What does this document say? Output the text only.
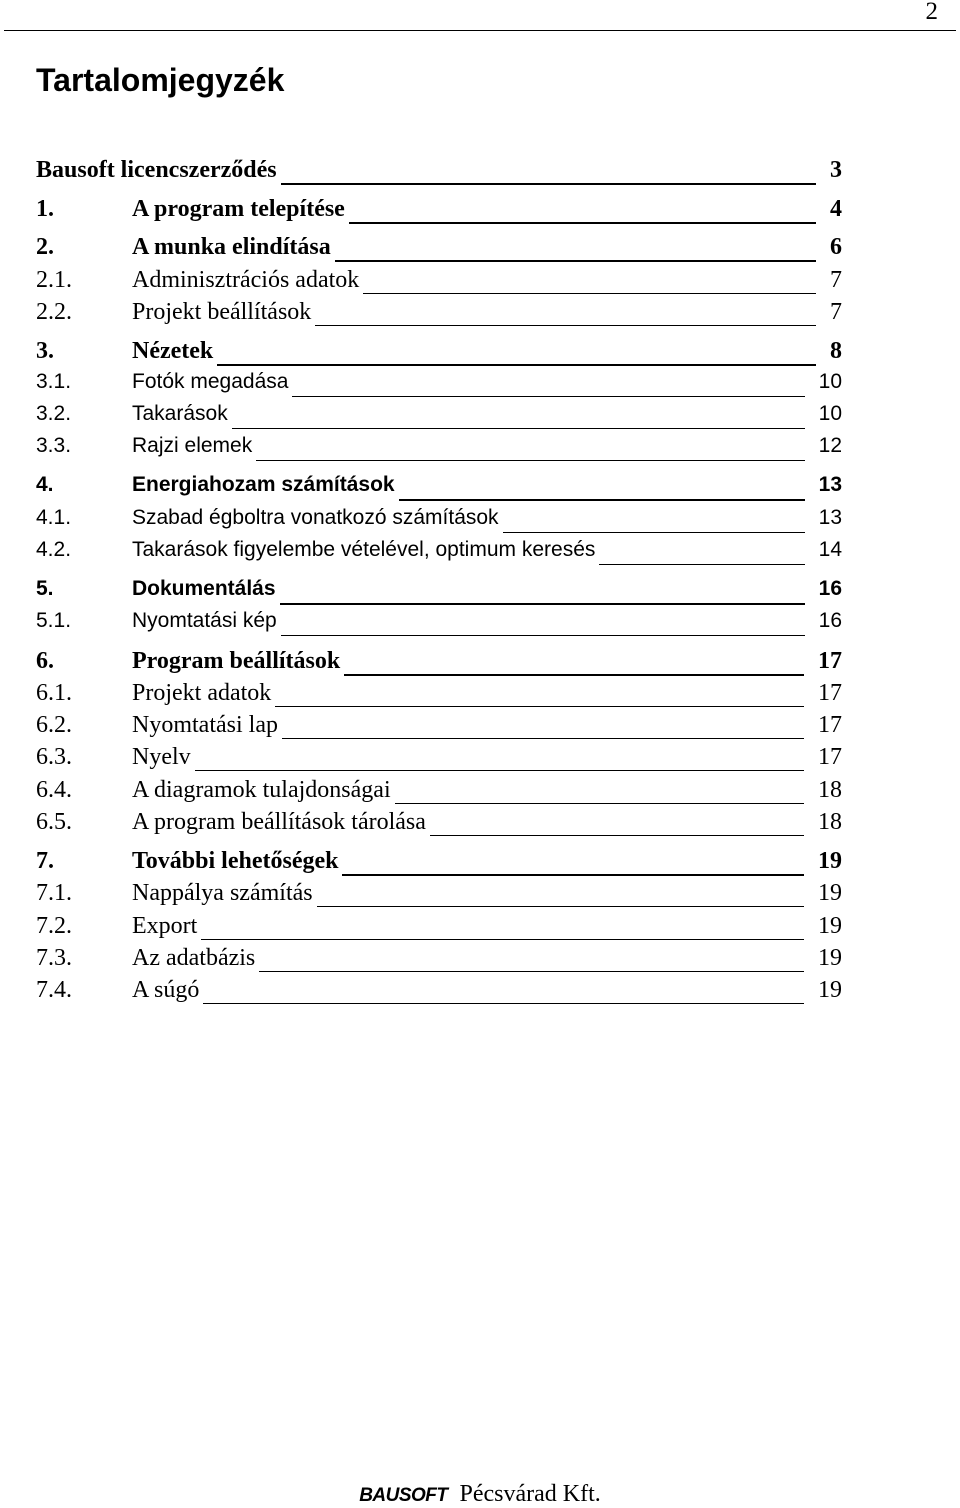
2
Tartalomjegyzék
Bausoft licencszerződés	3
1.	A program telepítése	4
2.	A munka elindítása	6
2.1.	Adminisztrációs adatok	7
2.2.	Projekt beállítások	7
3.	Nézetek	8
3.1.	Fotók megadása	10
3.2.	Takarások	10
3.3.	Rajzi elemek	12
4.	Energiahozam számítások	13
4.1.	Szabad égboltra vonatkozó számítások	13
4.2.	Takarások figyelembe vételével, optimum keresés	14
5.	Dokumentálás	16
5.1.	Nyomtatási kép	16
6.	Program beállítások	17
6.1.	Projekt adatok	17
6.2.	Nyomtatási lap	17
6.3.	Nyelv	17
6.4.	A diagramok tulajdonságai	18
6.5.	A program beállítások tárolása	18
7.	További lehetőségek	19
7.1.	Nappálya számítás	19
7.2.	Export	19
7.3.	Az adatbázis	19
7.4.	A súgó	19
BAUSOFT Pécsvárad Kft.
